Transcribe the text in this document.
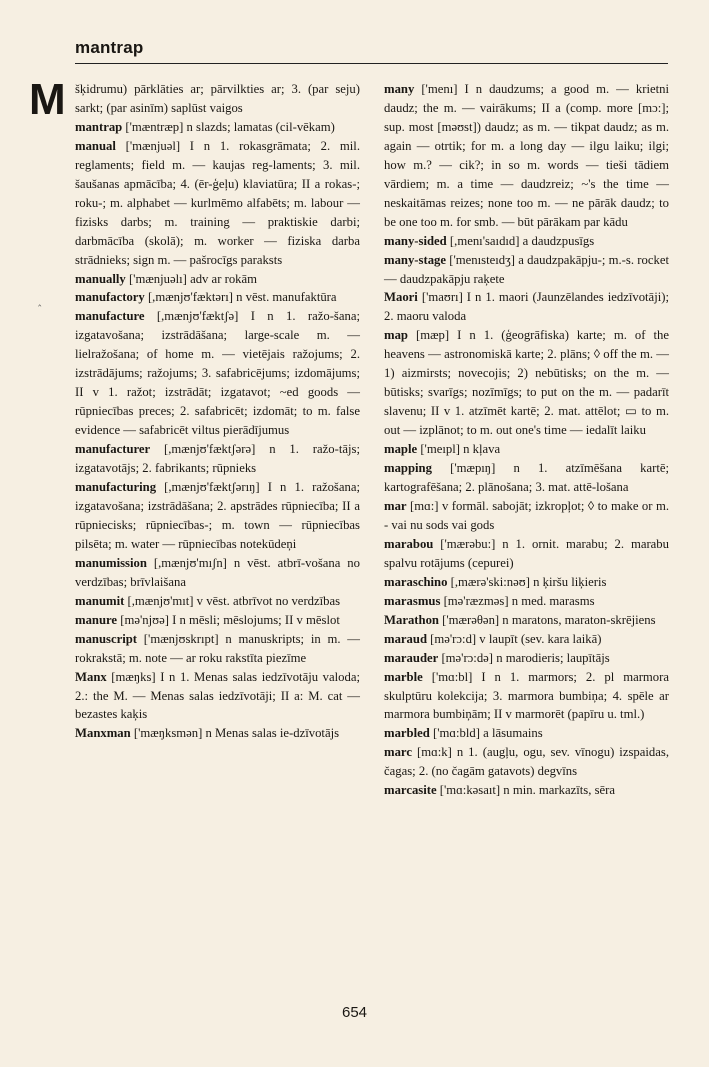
mantrap
M
‸

šķidrumu) pārklāties ar; pārvilkties ar; 3. (par seju) sarkt; (par asinīm) saplūst vaigos

mantrap ['mæntræp] n slazds; lamatas (cil-vēkam)

manual ['mænjuəl] I n 1. rokasgrāmata; 2. mil. reglaments; field m. — kaujas reg-laments; 3. mil. šaušanas apmācība; 4. (ēr-ģeļu) klaviatūra; II a rokas-; roku-; m. alphabet — kurlmēmo alfabēts; m. labour — fizisks darbs; m. training — praktiskie darbi; darbmācība (skolā); m. worker — fiziska darba strādnieks; sign m. — pašrocīgs paraksts

manually ['mænjuəlı] adv ar rokām

manufactory [,mænjʊ'fæktərı] n vēst. manufaktūra

manufacture [,mænjʊ'fæktʃə] I n 1. ražo-šana; izgatavošana; izstrādāšana; large-scale m. — lielražošana; of home m. — vietējais ražojums; 2. izstrādājums; ražojums; 3. safabricējums; izdomājums; II v 1. ražot; izstrādāt; izgatavot; ~ed goods — rūpniecības preces; 2. safabricēt; izdomāt; to m. false evidence — safabricēt viltus pierādījumus

manufacturer [,mænjʊ'fæktʃərə] n 1. ražo-tājs; izgatavotājs; 2. fabrikants; rūpnieks

manufacturing [,mænjʊ'fæktʃərıŋ] I n 1. ražošana; izgatavošana; izstrādāšana; 2. apstrādes rūpniecība; II a rūpniecisks; rūpniecības-; m. town — rūpniecības pilsēta; m. water — rūpniecības notekūdeņi

manumission [,mænjʊ'mıʃn] n vēst. atbrī-vošana no verdzības; brīvlaišana

manumit [,mænjʊ'mıt] v vēst. atbrīvot no verdzības

manure [mə'njʊə] I n mēsli; mēslojums; II v mēslot

manuscript ['mænjʊskrıpt] n manuskripts; in m. — rokrakstā; m. note — ar roku rakstīta piezīme

Manx [mæŋks] I n 1. Menas salas iedzīvotāju valoda; 2.: the M. — Menas salas iedzīvotāji; II a: M. cat — bezastes kaķis

Manxman ['mæŋksmən] n Menas salas ie-dzīvotājs

many ['menı] I n daudzums; a good m. — krietni daudz; the m. — vairākums; II a (comp. more [mɔ:]; sup. most [məʊst]) daudz; as m. — tikpat daudz; as m. again — otrtik; for m. a long day — ilgu laiku; ilgi; how m.? — cik?; in so m. words — tieši tādiem vārdiem; m. a time — daudzreiz; ~'s the time — neskaitāmas reizes; none too m. — ne pārāk daudz; to be one too m. for smb. — būt pārākam par kādu

many-sided [,menı'saıdıd] a daudzpusīgs

many-stage ['menısteıdʒ] a daudzpakāpju-; m.-s. rocket — daudzpakāpju raķete

Maori ['maʊrı] I n 1. maori (Jaunzēlandes iedzīvotāji); 2. maoru valoda

map [mæp] I n 1. (ģeogrāfiska) karte; m. of the heavens — astronomiskā karte; 2. plāns; ◊ off the m. — 1) aizmirsts; novecojis; 2) nebūtisks; on the m. — būtisks; svarīgs; nozīmīgs; to put on the m. — padarīt slavenu; II v 1. atzīmēt kartē; 2. mat. attēlot; ▭ to m. out — izplānot; to m. out one's time — iedalīt laiku

maple ['meıpl] n kļava

mapping ['mæpıŋ] n 1. atzīmēšana kartē; kartografēšana; 2. plānošana; 3. mat. attē-lošana

mar [mɑ:] v formāl. sabojāt; izkropļot; ◊ to make or m. - vai nu sods vai gods

marabou ['mærəbu:] n 1. ornit. marabu; 2. marabu spalvu rotājums (cepurei)

maraschino [,mærə'ski:nəʊ] n ķiršu liķieris

marasmus [mə'ræzməs] n med. marasms

Marathon ['mærəθən] n maratons, maraton-skrējiens

maraud [mə'rɔ:d] v laupīt (sev. kara laikā)

marauder [mə'rɔ:də] n marodieris; laupītājs

marble ['mɑ:bl] I n 1. marmors; 2. pl marmora skulptūru kolekcija; 3. marmora bumbiņa; 4. spēle ar marmora bumbiņām; II v marmorēt (papīru u. tml.)

marbled ['mɑ:bld] a lāsumains

marc [mɑ:k] n 1. (augļu, ogu, sev. vīnogu) izspaidas, čagas; 2. (no čagām gatavots) degvīns

marcasite ['mɑ:kəsaıt] n min. markazīts, sēra

654
